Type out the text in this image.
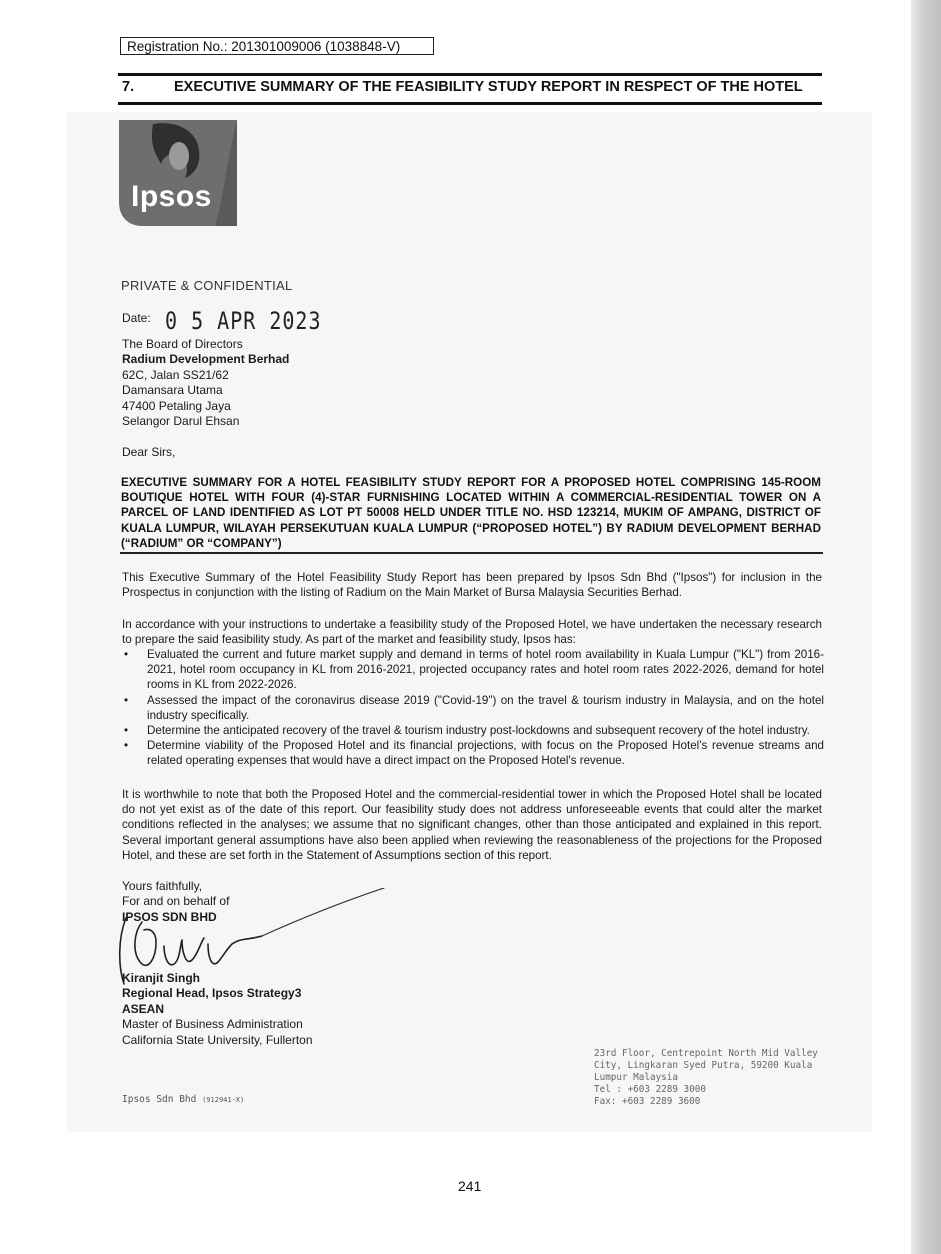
Registration No.: 201301009006 (1038848-V)
7.	EXECUTIVE SUMMARY OF THE FEASIBILITY STUDY REPORT IN RESPECT OF THE HOTEL
Ipsos
PRIVATE & CONFIDENTIAL
Date: 0 5 APR 2023
The Board of Directors
Radium Development Berhad
62C, Jalan SS21/62
Damansara Utama
47400 Petaling Jaya
Selangor Darul Ehsan
Dear Sirs,
EXECUTIVE SUMMARY FOR A HOTEL FEASIBILITY STUDY REPORT FOR A PROPOSED HOTEL COMPRISING 145-ROOM BOUTIQUE HOTEL WITH FOUR (4)-STAR FURNISHING LOCATED WITHIN A COMMERCIAL-RESIDENTIAL TOWER ON A PARCEL OF LAND IDENTIFIED AS LOT PT 50008 HELD UNDER TITLE NO. HSD 123214, MUKIM OF AMPANG, DISTRICT OF KUALA LUMPUR, WILAYAH PERSEKUTUAN KUALA LUMPUR (“PROPOSED HOTEL”) BY RADIUM DEVELOPMENT BERHAD (“RADIUM” OR “COMPANY”)
This Executive Summary of the Hotel Feasibility Study Report has been prepared by Ipsos Sdn Bhd ("Ipsos") for inclusion in the Prospectus in conjunction with the listing of Radium on the Main Market of Bursa Malaysia Securities Berhad.
In accordance with your instructions to undertake a feasibility study of the Proposed Hotel, we have undertaken the necessary research to prepare the said feasibility study. As part of the market and feasibility study, Ipsos has:
• Evaluated the current and future market supply and demand in terms of hotel room availability in Kuala Lumpur ("KL") from 2016-2021, hotel room occupancy in KL from 2016-2021, projected occupancy rates and hotel room rates 2022-2026, demand for hotel rooms in KL from 2022-2026.
• Assessed the impact of the coronavirus disease 2019 ("Covid-19") on the travel & tourism industry in Malaysia, and on the hotel industry specifically.
• Determine the anticipated recovery of the travel & tourism industry post-lockdowns and subsequent recovery of the hotel industry.
• Determine viability of the Proposed Hotel and its financial projections, with focus on the Proposed Hotel's revenue streams and related operating expenses that would have a direct impact on the Proposed Hotel's revenue.
It is worthwhile to note that both the Proposed Hotel and the commercial-residential tower in which the Proposed Hotel shall be located do not yet exist as of the date of this report. Our feasibility study does not address unforeseeable events that could alter the market conditions reflected in the analyses; we assume that no significant changes, other than those anticipated and explained in this report. Several important general assumptions have also been applied when reviewing the reasonableness of the projections for the Proposed Hotel, and these are set forth in the Statement of Assumptions section of this report.
Yours faithfully,
For and on behalf of
IPSOS SDN BHD
Kiranjit Singh
Regional Head, Ipsos Strategy3
ASEAN
Master of Business Administration
California State University, Fullerton
Ipsos Sdn Bhd (912941-X)
23rd Floor, Centrepoint North Mid Valley
City, Lingkaran Syed Putra, 59200 Kuala
Lumpur Malaysia
Tel : +603 2289 3000
Fax: +603 2289 3600
241
